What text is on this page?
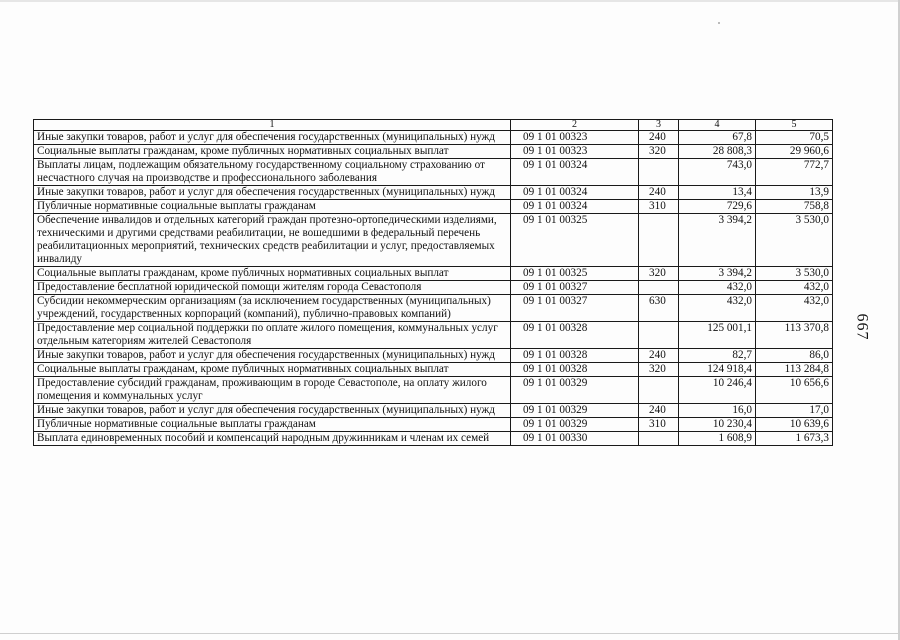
1	2	3	4	5
Иные закупки товаров, работ и услуг для обеспечения государственных (муниципальных) нужд	09 1 01 00323	240	67,8	70,5
Социальные выплаты гражданам, кроме публичных нормативных социальных выплат	09 1 01 00323	320	28 808,3	29 960,6
Выплаты лицам, подлежащим обязательному государственному социальному страхованию от несчастного случая на производстве и профессионального заболевания	09 1 01 00324		743,0	772,7
Иные закупки товаров, работ и услуг для обеспечения государственных (муниципальных) нужд	09 1 01 00324	240	13,4	13,9
Публичные нормативные социальные выплаты гражданам	09 1 01 00324	310	729,6	758,8
Обеспечение инвалидов и отдельных категорий граждан протезно-ортопедическими изделиями, техническими и другими средствами реабилитации, не вошедшими в федеральный перечень реабилитационных мероприятий, технических средств реабилитации и услуг, предоставляемых инвалиду	09 1 01 00325		3 394,2	3 530,0
Социальные выплаты гражданам, кроме публичных нормативных социальных выплат	09 1 01 00325	320	3 394,2	3 530,0
Предоставление бесплатной юридической помощи жителям города Севастополя	09 1 01 00327		432,0	432,0
Субсидии некоммерческим организациям (за исключением государственных (муниципальных) учреждений, государственных корпораций (компаний), публично-правовых компаний)	09 1 01 00327	630	432,0	432,0
Предоставление мер социальной поддержки по оплате жилого помещения, коммунальных услуг отдельным категориям жителей Севастополя	09 1 01 00328		125 001,1	113 370,8
Иные закупки товаров, работ и услуг для обеспечения государственных (муниципальных) нужд	09 1 01 00328	240	82,7	86,0
Социальные выплаты гражданам, кроме публичных нормативных социальных выплат	09 1 01 00328	320	124 918,4	113 284,8
Предоставление субсидий гражданам, проживающим в городе Севастополе, на оплату жилого помещения и коммунальных услуг	09 1 01 00329		10 246,4	10 656,6
Иные закупки товаров, работ и услуг для обеспечения государственных (муниципальных) нужд	09 1 01 00329	240	16,0	17,0
Публичные нормативные социальные выплаты гражданам	09 1 01 00329	310	10 230,4	10 639,6
Выплата единовременных пособий и компенсаций народным дружинникам и членам их семей	09 1 01 00330		1 608,9	1 673,3
667
